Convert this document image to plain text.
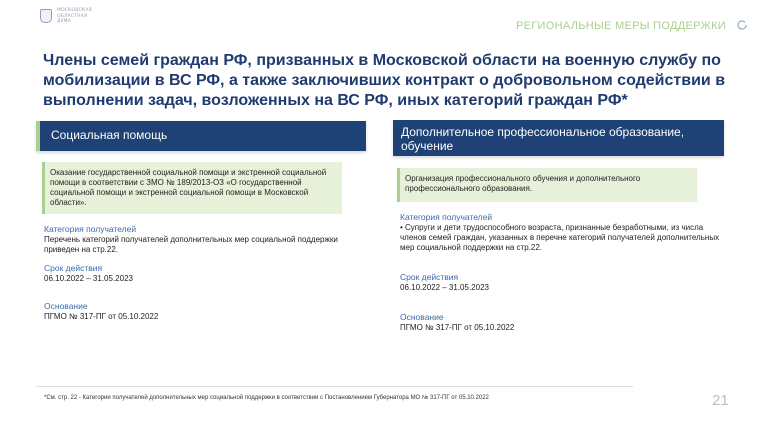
МОСКОВСКАЯ
ОБЛАСТНАЯ
ДУМА	РЕГИОНАЛЬНЫЕ МЕРЫ ПОДДЕРЖКИ
Члены семей граждан РФ, призванных в Московской области на военную службу по мобилизации в ВС РФ, а также заключивших контракт о добровольном содействии в выполнении задач, возложенных на ВС РФ, иных категорий граждан РФ*
Социальная помощь
Оказание государственной социальной помощи и экстренной социальной помощи в соответствии с ЗМО № 189/2013-ОЗ «О государственной социальной помощи и экстренной социальной помощи в Московской области».
Категория получателей
Перечень категорий получателей дополнительных мер социальной поддержки приведен на стр.22.
Срок действия
06.10.2022 – 31.05.2023
Основание
ПГМО № 317-ПГ от 05.10.2022
Дополнительное профессиональное образование, обучение
Организация профессионального обучения и дополнительного профессионального образования.
Категория получателей
• Супруги и дети трудоспособного возраста, признанные безработными, из числа членов семей граждан, указанных в перечне категорий получателей дополнительных мер социальной поддержки на стр.22.
Срок действия
06.10.2022 – 31.05.2023
Основание
ПГМО № 317-ПГ от 05.10.2022
*См. стр. 22 - Категории получателей дополнительных мер социальной поддержки в соответствии с Постановлением Губернатора МО № 317-ПГ от 05.10.2022	21
